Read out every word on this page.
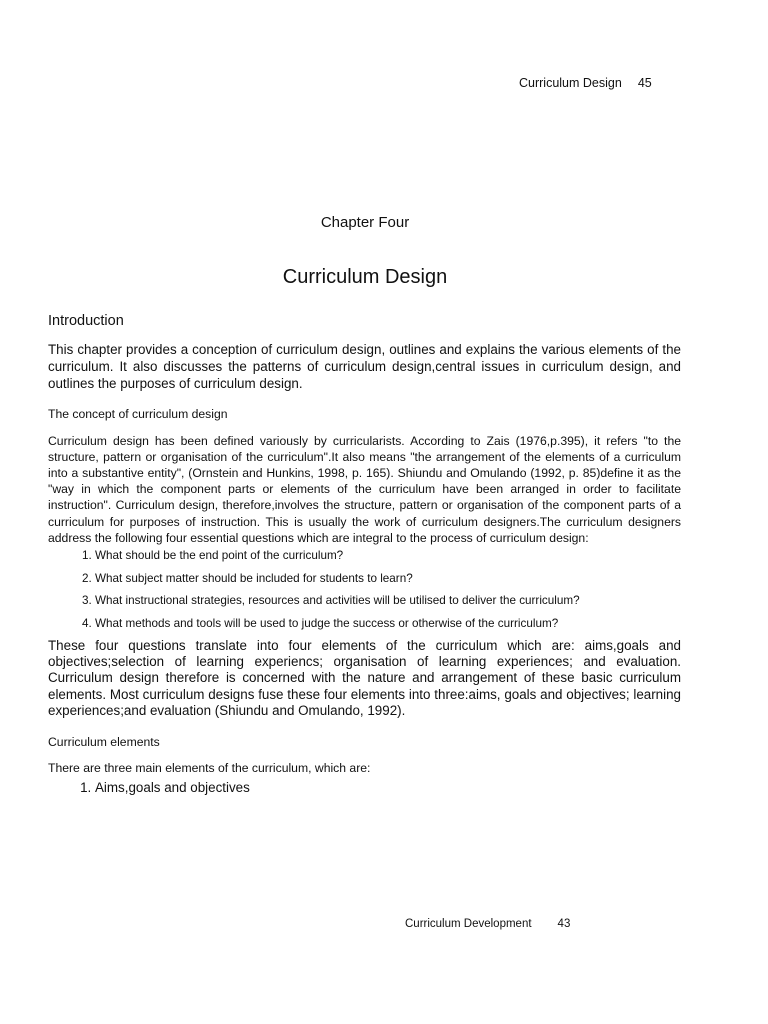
Curriculum Design 45
Chapter Four
Curriculum Design
Introduction

This chapter provides a conception of curriculum design, outlines and explains the various elements of the curriculum. It also discusses the patterns of curriculum design,central issues in curriculum design, and outlines the purposes of curriculum design.

The concept of curriculum design

Curriculum design has been defined variously by curricularists. According to Zais (1976,p.395), it refers "to the structure, pattern or organisation of the curriculum".It also means "the arrangement of the elements of a curriculum into a substantive entity", (Ornstein and Hunkins, 1998, p. 165). Shiundu and Omulando (1992, p. 85)define it as the "way in which the component parts or elements of the curriculum have been arranged in order to facilitate instruction". Curriculum design, therefore,involves the structure, pattern or organisation of the component parts of a curriculum for purposes of instruction. This is usually the work of curriculum designers.The curriculum designers address the following four essential questions which are integral to the process of curriculum design:

1. What should be the end point of the curriculum?
2. What subject matter should be included for students to learn?
3. What instructional strategies, resources and activities will be utilised to deliver the curriculum?
4. What methods and tools will be used to judge the success or otherwise of the curriculum?

These four questions translate into four elements of the curriculum which are: aims,goals and objectives;selection of learning experiencs; organisation of learning experiences; and evaluation. Curriculum design therefore is concerned with the nature and arrangement of these basic curriculum elements. Most curriculum designs fuse these four elements into three:aims, goals and objectives; learning experiences;and evaluation (Shiundu and Omulando, 1992).

Curriculum elements
There are three main elements of the curriculum, which are:
1. Aims,goals and objectives
Curriculum Development 43
